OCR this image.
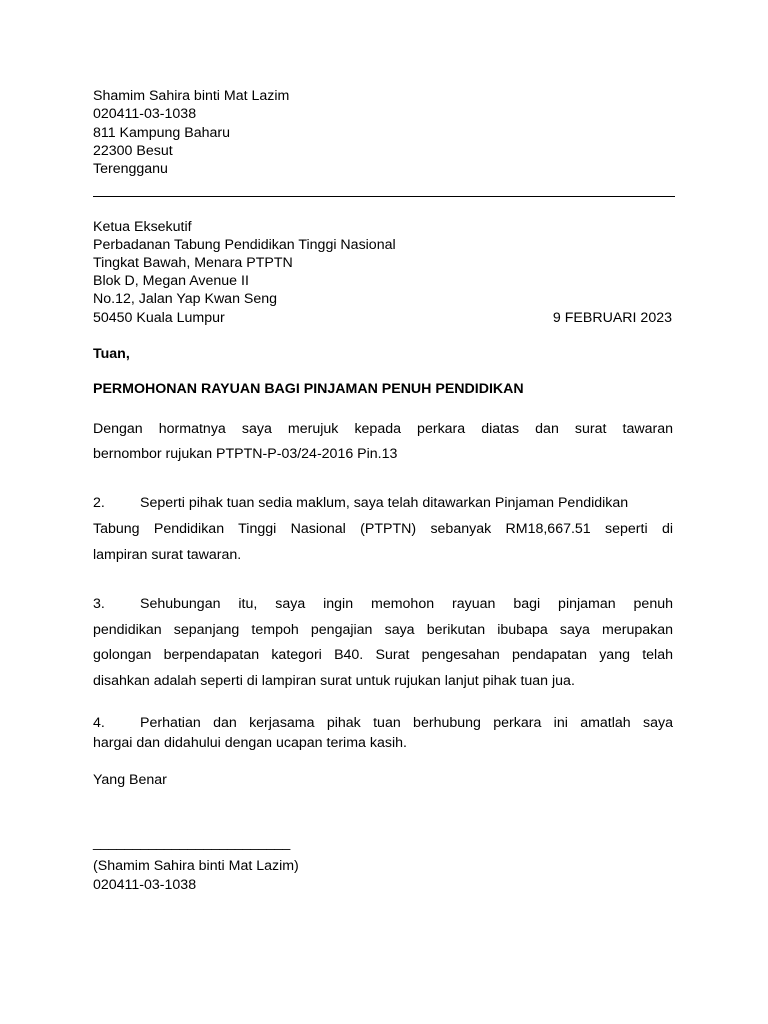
Shamim Sahira binti Mat Lazim
020411-03-1038
811 Kampung Baharu
22300 Besut
Terengganu
Ketua Eksekutif
Perbadanan Tabung Pendidikan Tinggi Nasional
Tingkat Bawah, Menara PTPTN
Blok D, Megan Avenue II
No.12, Jalan Yap Kwan Seng
50450 Kuala Lumpur	9 FEBRUARI 2023
Tuan,
PERMOHONAN RAYUAN BAGI PINJAMAN PENUH PENDIDIKAN
Dengan hormatnya saya merujuk kepada perkara diatas dan surat tawaran
bernombor rujukan PTPTN-P-03/24-2016 Pin.13
2. Seperti pihak tuan sedia maklum, saya telah ditawarkan Pinjaman Pendidikan
Tabung Pendidikan Tinggi Nasional (PTPTN) sebanyak RM18,667.51 seperti di
lampiran surat tawaran.
3.	Sehubungan itu, saya ingin memohon rayuan bagi pinjaman penuh
pendidikan sepanjang tempoh pengajian saya berikutan ibubapa saya merupakan
golongan berpendapatan kategori B40. Surat pengesahan pendapatan yang telah
disahkan adalah seperti di lampiran surat untuk rujukan lanjut pihak tuan jua.
4.	Perhatian dan kerjasama pihak tuan berhubung perkara ini amatlah saya
hargai dan didahului dengan ucapan terima kasih.
Yang Benar
_________________________
(Shamim Sahira binti Mat Lazim)
020411-03-1038
